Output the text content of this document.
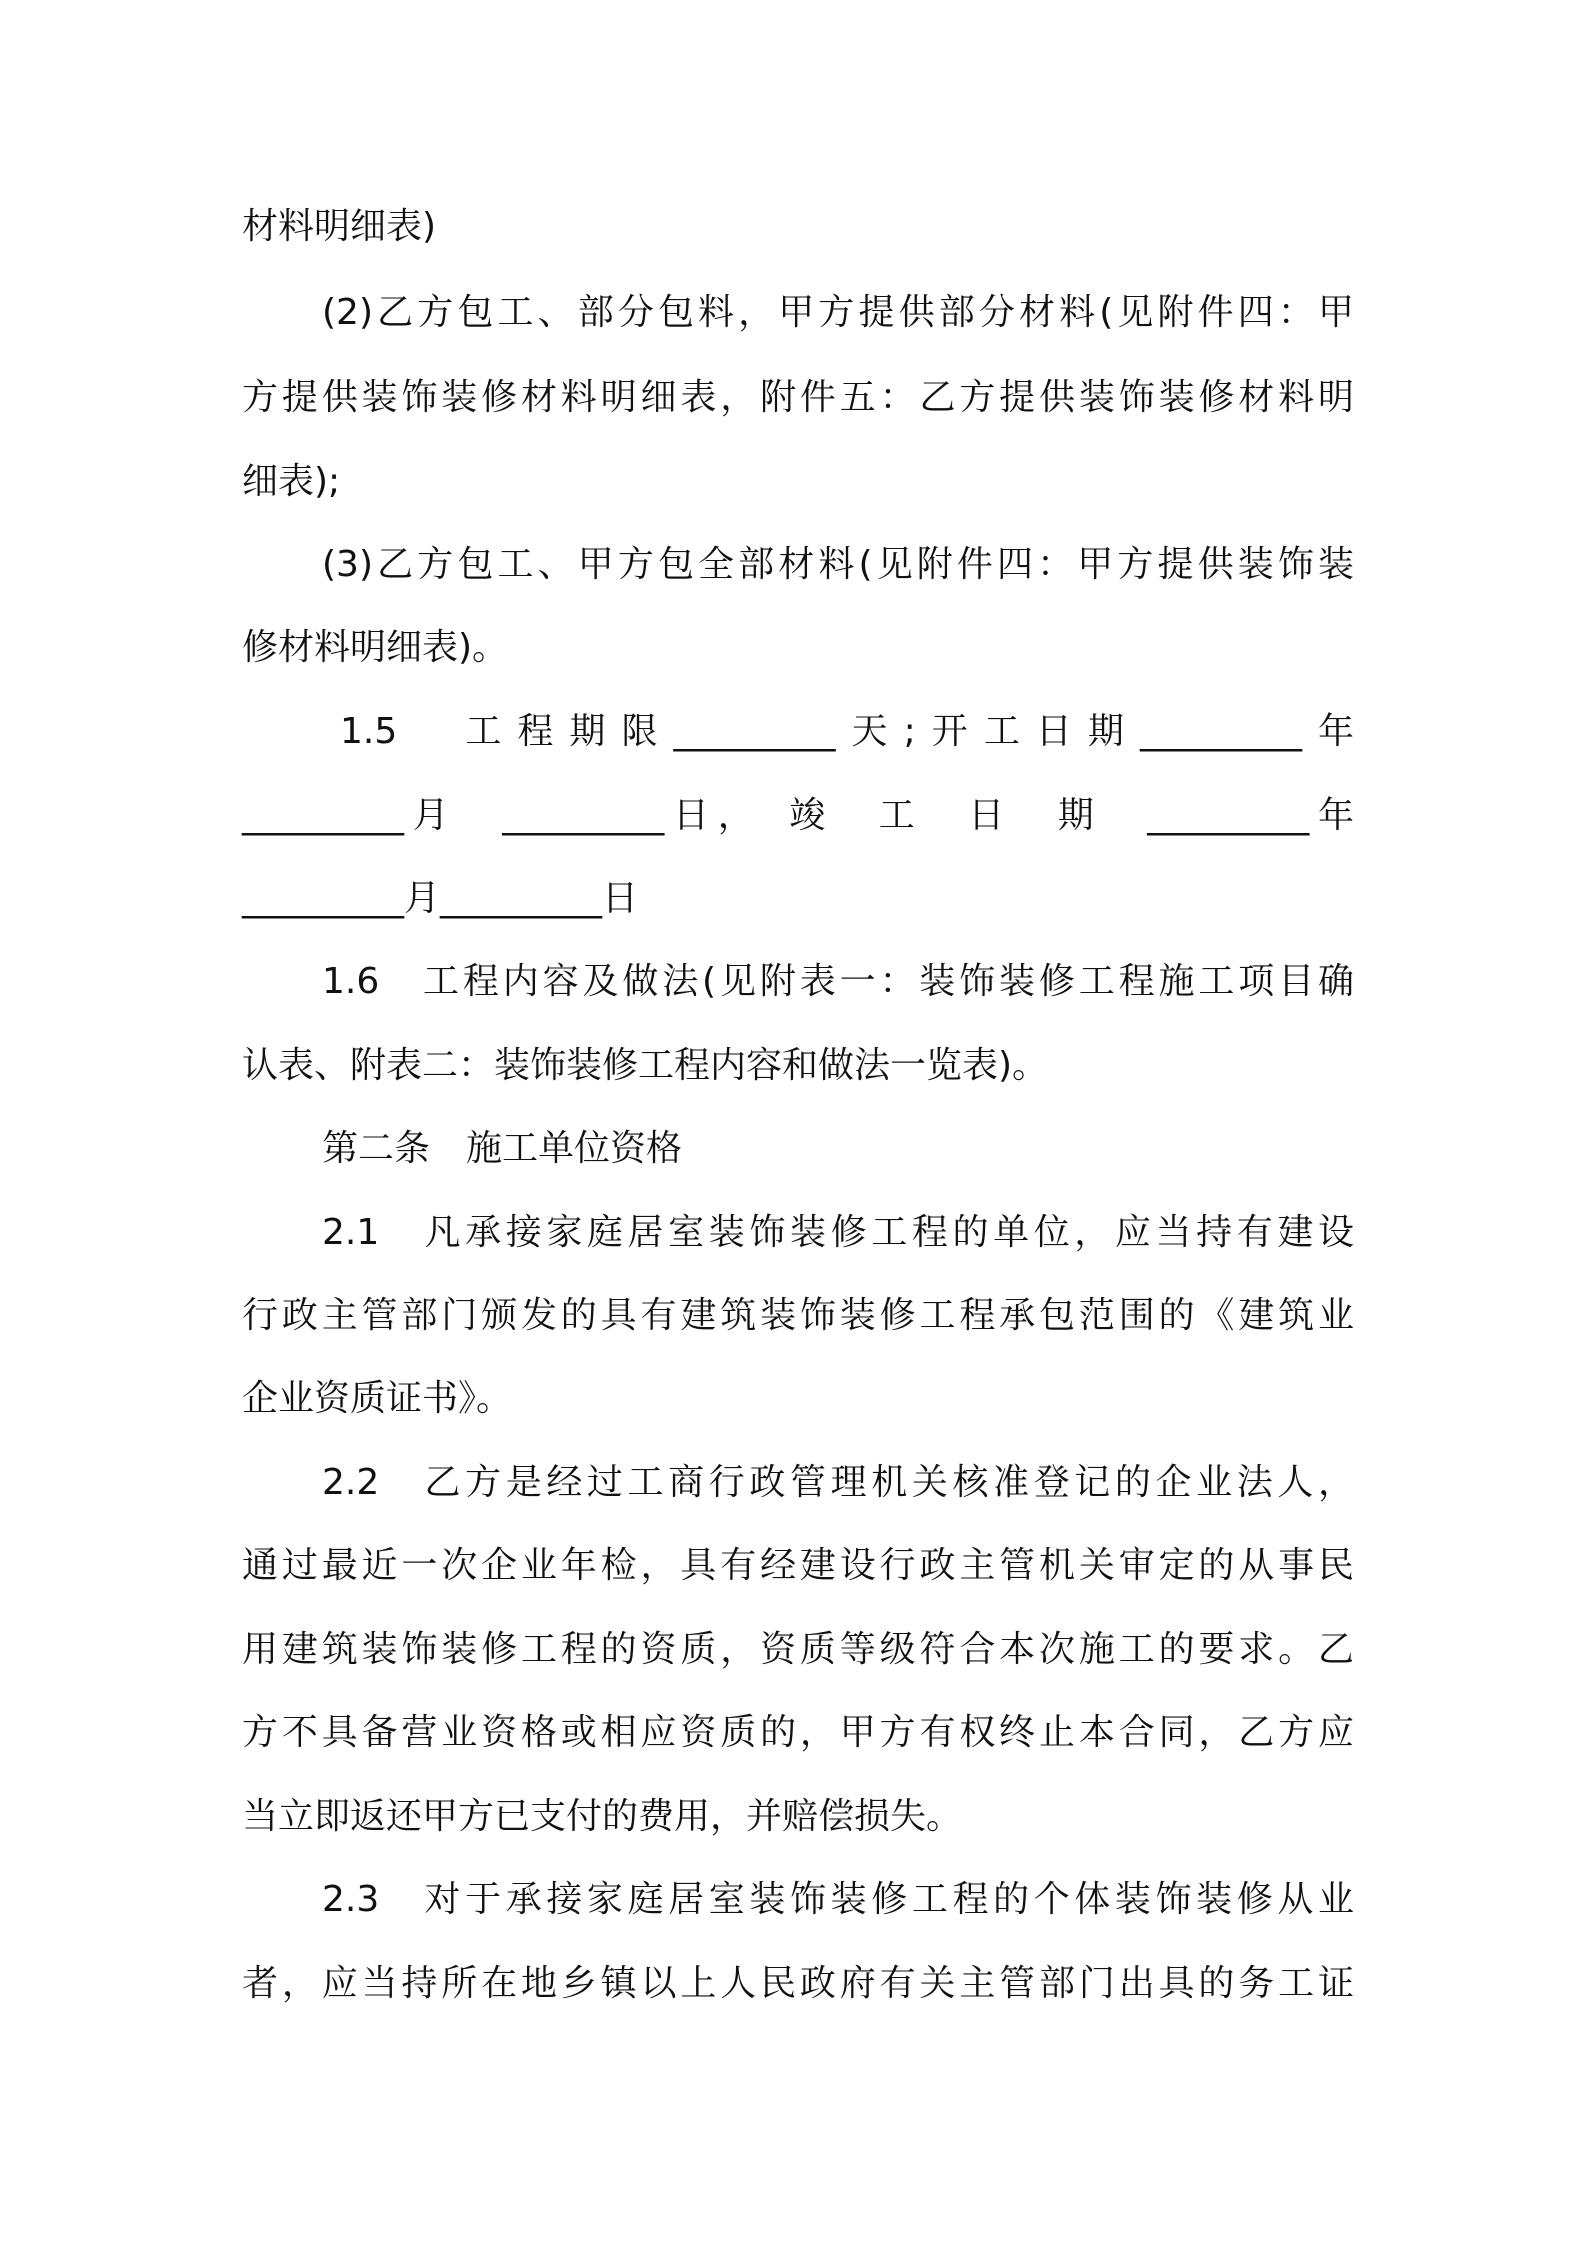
材料明细表)
(2)乙方包工、部分包料，甲方提供部分材料(见附件四：甲
方提供装饰装修材料明细表，附件五：乙方提供装饰装修材料明
细表);
(3)乙方包工、甲方包全部材料(见附件四：甲方提供装饰装
修材料明细表)。
1.5　工程期限_________天;开工日期_________年
_________月　_________日，　竣　工　日　期　_________年
_________月_________日
1.6　工程内容及做法(见附表一：装饰装修工程施工项目确
认表、附表二：装饰装修工程内容和做法一览表)。
第二条　施工单位资格
2.1　凡承接家庭居室装饰装修工程的单位，应当持有建设
行政主管部门颁发的具有建筑装饰装修工程承包范围的《建筑业
企业资质证书》。
2.2　乙方是经过工商行政管理机关核准登记的企业法人，
通过最近一次企业年检，具有经建设行政主管机关审定的从事民
用建筑装饰装修工程的资质，资质等级符合本次施工的要求。乙
方不具备营业资格或相应资质的，甲方有权终止本合同，乙方应
当立即返还甲方已支付的费用，并赔偿损失。
2.3　对于承接家庭居室装饰装修工程的个体装饰装修从业
者，应当持所在地乡镇以上人民政府有关主管部门出具的务工证
